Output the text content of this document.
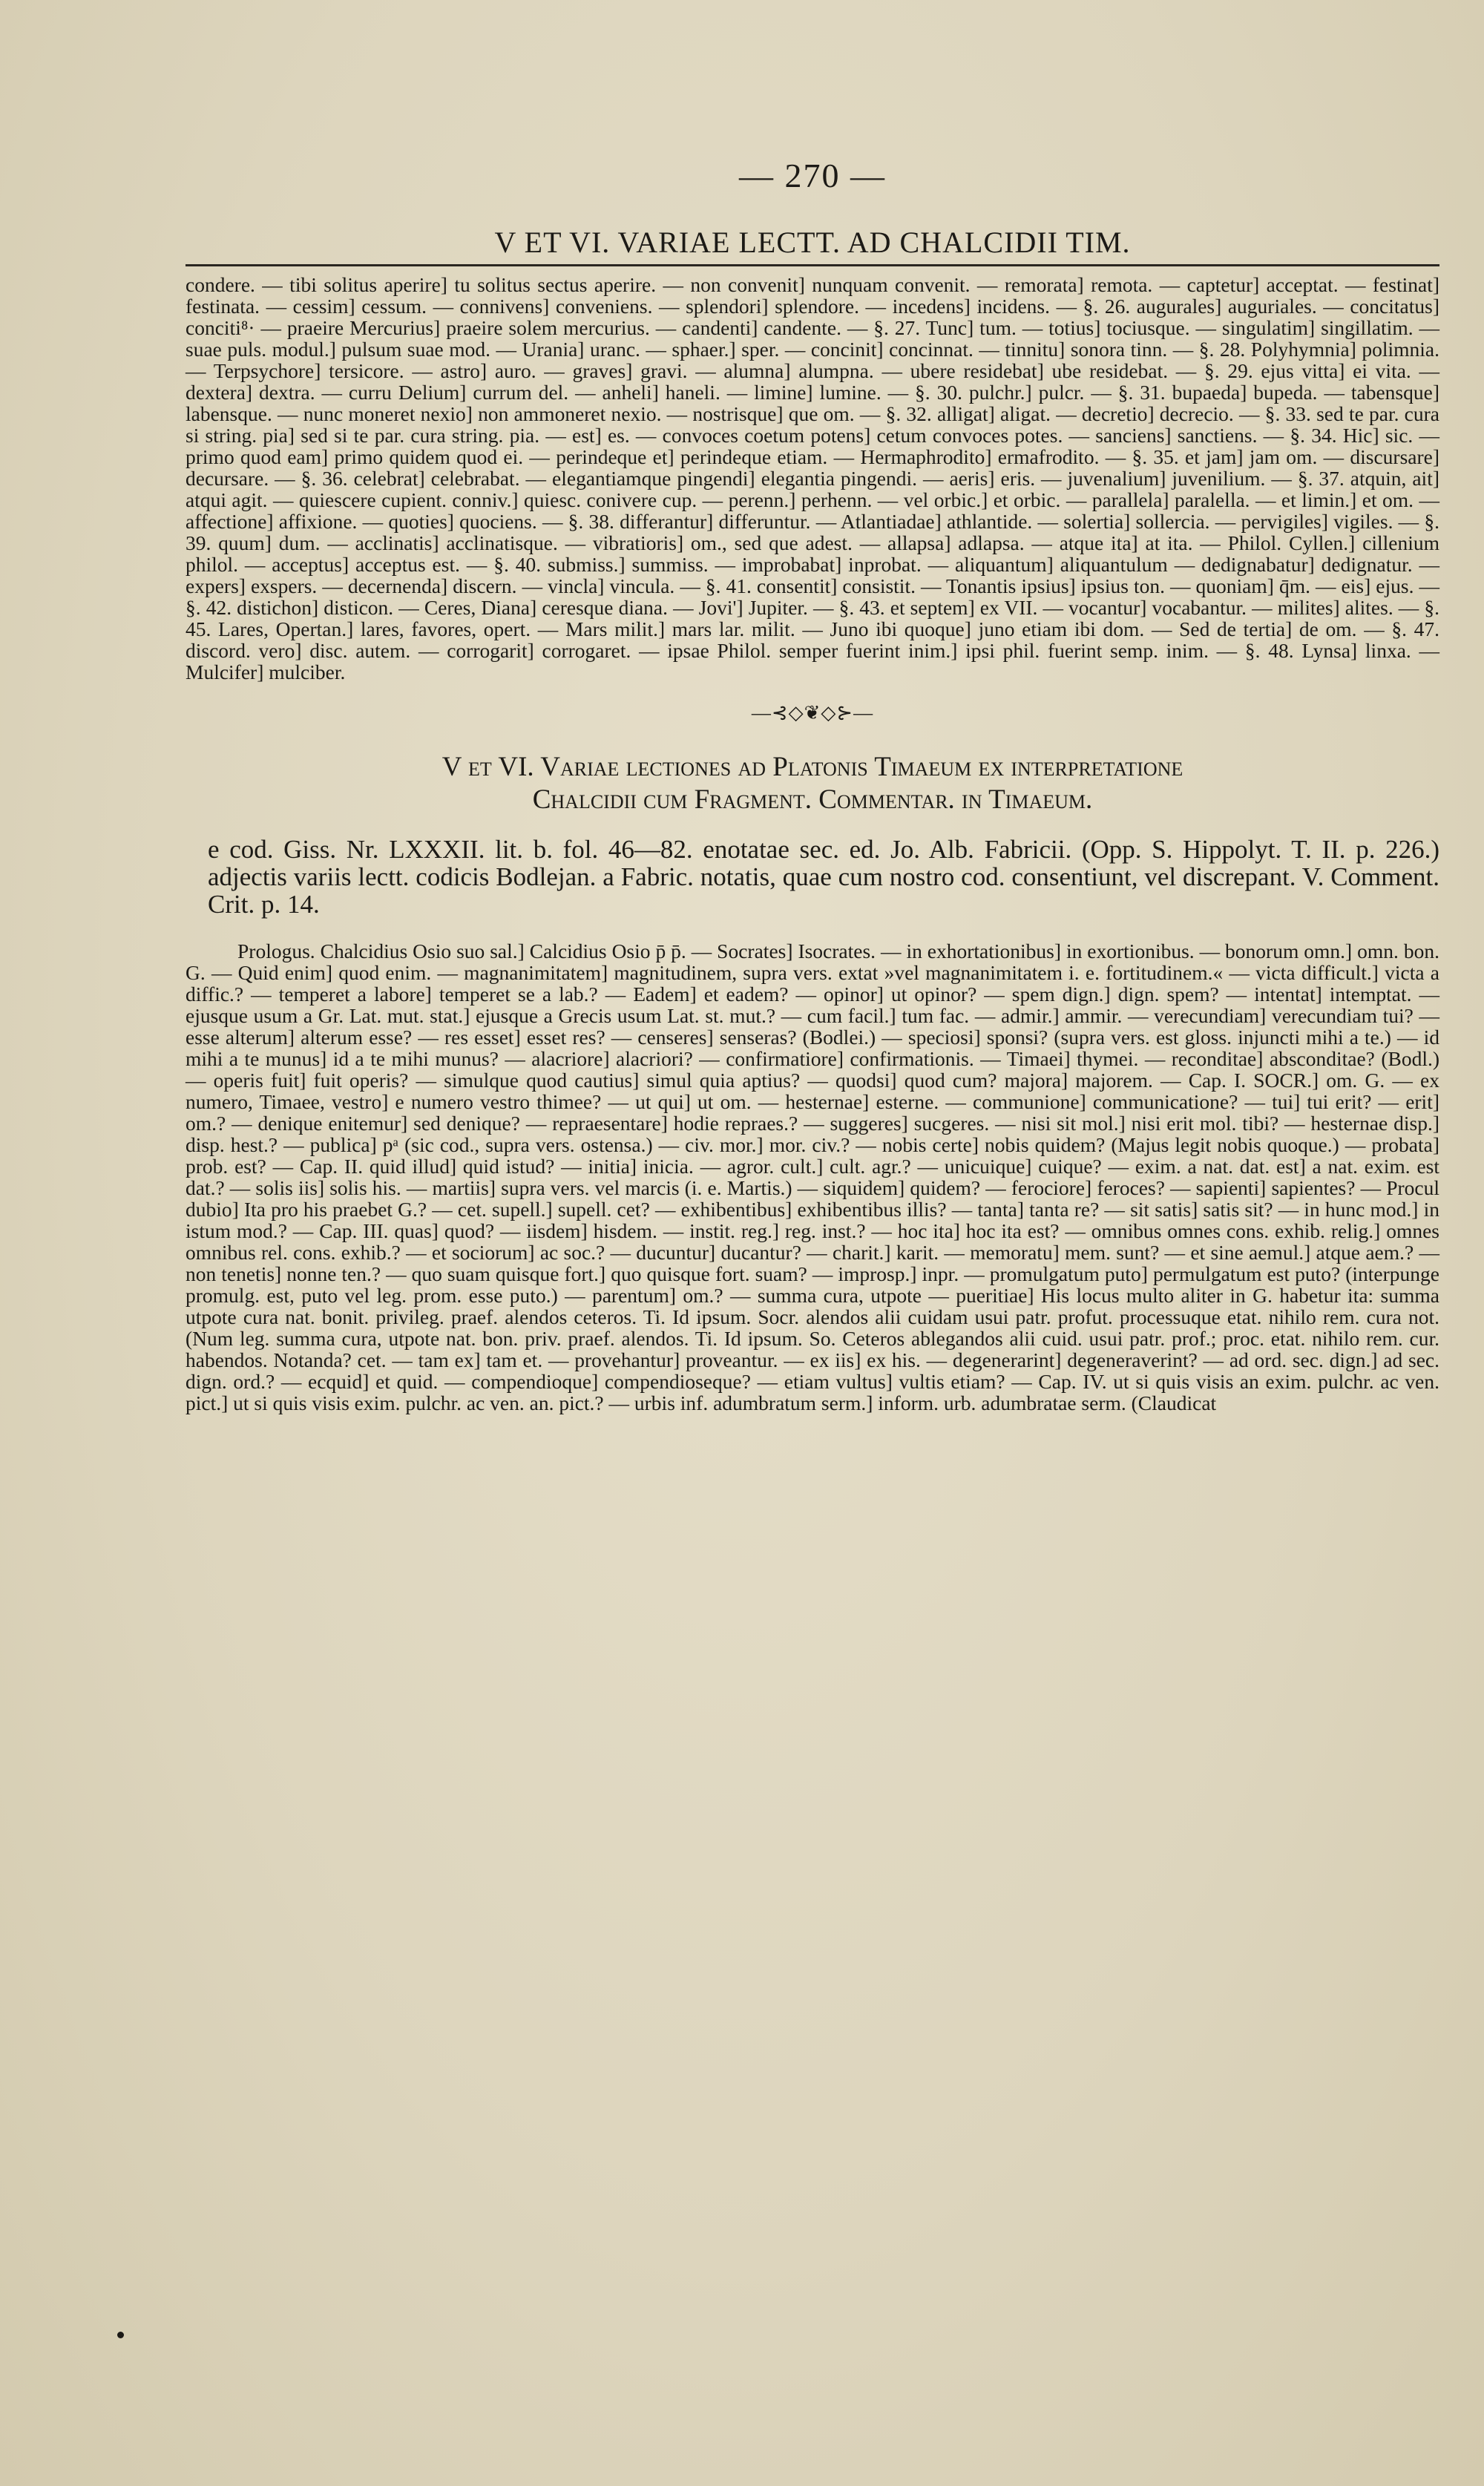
— 270 —
V ET VI. VARIAE LECTT. AD CHALCIDII TIM.
condere. — tibi solitus aperire] tu solitus sectus aperire. — non convenit] nunquam convenit. — remorata] remota. — captetur] acceptat. — festinat] festinata. — cessim] cessum. — connivens] conveniens. — splendori] splendore. — incedens] incidens. — §. 26. augurales] auguriales. — concitatus] conciti⁸· — praeire Mercurius] praeire solem mercurius. — candenti] candente. — §. 27. Tunc] tum. — totius] tociusque. — singulatim] singillatim. — suae puls. modul.] pulsum suae mod. — Urania] uranc. — sphaer.] sper. — concinit] concinnat. — tinnitu] sonora tinn. — §. 28. Polyhymnia] polimnia. — Terpsychore] tersicore. — astro] auro. — graves] gravi. — alumna] alumpna. — ubere residebat] ube residebat. — §. 29. ejus vitta] ei vita. — dextera] dextra. — curru Delium] currum del. — anheli] haneli. — limine] lumine. — §. 30. pulchr.] pulcr. — §. 31. bupaeda] bupeda. — tabensque] labensque. — nunc moneret nexio] non ammoneret nexio. — nostrisque] que om. — §. 32. alligat] aligat. — decretio] decrecio. — §. 33. sed te par. cura si string. pia] sed si te par. cura string. pia. — est] es. — convoces coetum potens] cetum convoces potes. — sanciens] sanctiens. — §. 34. Hic] sic. — primo quod eam] primo quidem quod ei. — perindeque et] perindeque etiam. — Hermaphrodito] ermafrodito. — §. 35. et jam] jam om. — discursare] decursare. — §. 36. celebrat] celebrabat. — elegantiamque pingendi] elegantia pingendi. — aeris] eris. — juvenalium] juvenilium. — §. 37. atquin, ait] atqui agit. — quiescere cupient. conniv.] quiesc. conivere cup. — perenn.] perhenn. — vel orbic.] et orbic. — parallela] paralella. — et limin.] et om. — affectione] affixione. — quoties] quociens. — §. 38. differantur] differuntur. — Atlantiadae] athlantide. — solertia] sollercia. — pervigiles] vigiles. — §. 39. quum] dum. — acclinatis] acclinatisque. — vibratioris] om., sed que adest. — allapsa] adlapsa. — atque ita] at ita. — Philol. Cyllen.] cillenium philol. — acceptus] acceptus est. — §. 40. submiss.] summiss. — improbabat] inprobat. — aliquantum] aliquantulum — dedignabatur] dedignatur. — expers] exspers. — decernenda] discern. — vincla] vincula. — §. 41. consentit] consistit. — Tonantis ipsius] ipsius ton. — quoniam] q̄m. — eis] ejus. — §. 42. distichon] disticon. — Ceres, Diana] ceresque diana. — Jovi'] Jupiter. — §. 43. et septem] ex VII. — vocantur] vocabantur. — milites] alites. — §. 45. Lares, Opertan.] lares, favores, opert. — Mars milit.] mars lar. milit. — Juno ibi quoque] juno etiam ibi dom. — Sed de tertia] de om. — §. 47. discord. vero] disc. autem. — corrogarit] corrogaret. — ipsae Philol. semper fuerint inim.] ipsi phil. fuerint semp. inim. — §. 48. Lynsa] linxa. — Mulcifer] mulciber.
—⊰◇❦◇⊱—
V et VI. Variae lectiones ad Platonis Timaeum ex interpretatione
Chalcidii cum Fragment. Commentar. in Timaeum.
e cod. Giss. Nr. LXXXII. lit. b. fol. 46—82. enotatae sec. ed. Jo. Alb. Fabricii. (Opp. S. Hippolyt. T. II. p. 226.) adjectis variis lectt. codicis Bodlejan. a Fabric. notatis, quae cum nostro cod. consentiunt, vel discrepant. V. Comment. Crit. p. 14.
Prologus. Chalcidius Osio suo sal.] Calcidius Osio p̄ p̄. — Socrates] Isocrates. — in exhortationibus] in exortionibus. — bonorum omn.] omn. bon. G. — Quid enim] quod enim. — magnanimitatem] magnitudinem, supra vers. extat »vel magnanimitatem i. e. fortitudinem.« — victa difficult.] victa a diffic.? — temperet a labore] temperet se a lab.? — Eadem] et eadem? — opinor] ut opinor? — spem dign.] dign. spem? — intentat] intemptat. — ejusque usum a Gr. Lat. mut. stat.] ejusque a Grecis usum Lat. st. mut.? — cum facil.] tum fac. — admir.] ammir. — verecundiam] verecundiam tui? — esse alterum] alterum esse? — res esset] esset res? — censeres] senseras? (Bodlei.) — speciosi] sponsi? (supra vers. est gloss. injuncti mihi a te.) — id mihi a te munus] id a te mihi munus? — alacriore] alacriori? — confirmatiore] confirmationis. — Timaei] thymei. — reconditae] absconditae? (Bodl.) — operis fuit] fuit operis? — simulque quod cautius] simul quia aptius? — quodsi] quod cum? majora] majorem. — Cap. I. SOCR.] om. G. — ex numero, Timaee, vestro] e numero vestro thimee? — ut qui] ut om. — hesternae] esterne. — communione] communicatione? — tui] tui erit? — erit] om.? — denique enitemur] sed denique? — repraesentare] hodie repraes.? — suggeres] sucgeres. — nisi sit mol.] nisi erit mol. tibi? — hesternae disp.] disp. hest.? — publica] pᵃ (sic cod., supra vers. ostensa.) — civ. mor.] mor. civ.? — nobis certe] nobis quidem? (Majus legit nobis quoque.) — probata] prob. est? — Cap. II. quid illud] quid istud? — initia] inicia. — agror. cult.] cult. agr.? — unicuique] cuique? — exim. a nat. dat. est] a nat. exim. est dat.? — solis iis] solis his. — martiis] supra vers. vel marcis (i. e. Martis.) — siquidem] quidem? — ferociore] feroces? — sapienti] sapientes? — Procul dubio] Ita pro his praebet G.? — cet. supell.] supell. cet? — exhibentibus] exhibentibus illis? — tanta] tanta re? — sit satis] satis sit? — in hunc mod.] in istum mod.? — Cap. III. quas] quod? — iisdem] hisdem. — instit. reg.] reg. inst.? — hoc ita] hoc ita est? — omnibus omnes cons. exhib. relig.] omnes omnibus rel. cons. exhib.? — et sociorum] ac soc.? — ducuntur] ducantur? — charit.] karit. — memoratu] mem. sunt? — et sine aemul.] atque aem.? — non tenetis] nonne ten.? — quo suam quisque fort.] quo quisque fort. suam? — improsp.] inpr. — promulgatum puto] permulgatum est puto? (interpunge promulg. est, puto vel leg. prom. esse puto.) — parentum] om.? — summa cura, utpote — pueritiae] His locus multo aliter in G. habetur ita: summa utpote cura nat. bonit. privileg. praef. alendos ceteros. Ti. Id ipsum. Socr. alendos alii cuidam usui patr. profut. processuque etat. nihilo rem. cura not. (Num leg. summa cura, utpote nat. bon. priv. praef. alendos. Ti. Id ipsum. So. Ceteros ablegandos alii cuid. usui patr. prof.; proc. etat. nihilo rem. cur. habendos. Notanda? cet. — tam ex] tam et. — provehantur] proveantur. — ex iis] ex his. — degenerarint] degeneraverint? — ad ord. sec. dign.] ad sec. dign. ord.? — ecquid] et quid. — compendioque] compendioseque? — etiam vultus] vultis etiam? — Cap. IV. ut si quis visis an exim. pulchr. ac ven. pict.] ut si quis visis exim. pulchr. ac ven. an. pict.? — urbis inf. adumbratum serm.] inform. urb. adumbratae serm. (Claudicat
